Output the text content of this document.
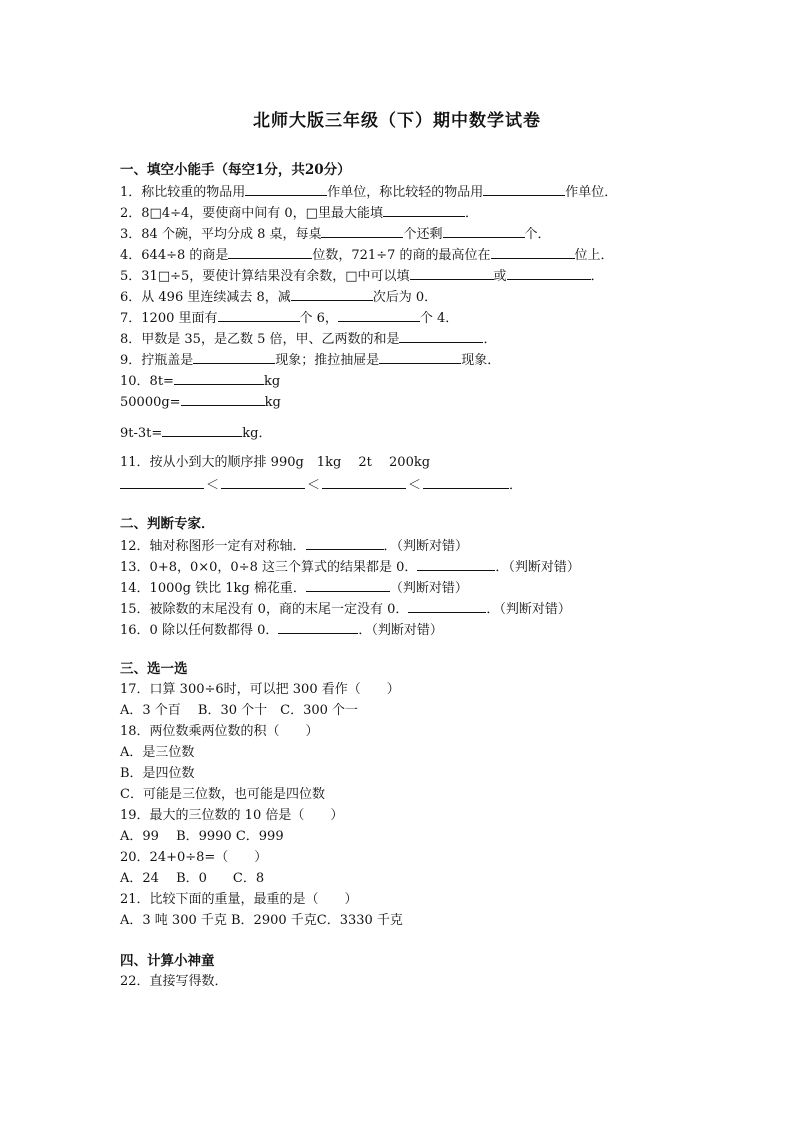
北师大版三年级（下）期中数学试卷
一、填空小能手（每空1分，共20分）
1．称比较重的物品用	作单位，称比较轻的物品用	作单位．
2．8□4÷4，要使商中间有 0，□里最大能填	．
3．84 个碗，平均分成 8 桌，每桌	个还剩	个．
4．644÷8 的商是	位数，721÷7 的商的最高位在	位上．
5．31□÷5，要使计算结果没有余数，□中可以填	或	．
6．从 496 里连续减去 8，减	次后为 0．
7．1200 里面有	个 6，	个 4．
8．甲数是 35，是乙数 5 倍，甲、乙两数的和是	．
9．拧瓶盖是	现象；推拉抽屉是	现象．
10．8t=	kg
50000g=	kg
9t-3t=	kg．
11．按从小到大的顺序排 990g　1kg　 2t　 200kg
＜	＜	＜	．
二、判断专家．
12．轴对称图形一定有对称轴．	．（判断对错）
13．0+8，0×0，0÷8 这三个算式的结果都是 0．	．（判断对错）
14．1000g 铁比 1kg 棉花重．	（判断对错）
15．被除数的末尾没有 0，商的末尾一定没有 0．	．（判断对错）
16．0 除以任何数都得 0．	．（判断对错）
三、选一选
17．口算 300÷6时，可以把 300 看作（　　）
A．3 个百　 B．30 个十　C．300 个一
18．两位数乘两位数的积（　　）
A．是三位数
B．是四位数
C．可能是三位数，也可能是四位数
19．最大的三位数的 10 倍是（　　）
A．99　 B．9990 C．999
20．24+0÷8=（　　）
A．24　 B．0　　C．8
21．比较下面的重量，最重的是（　　）
A．3 吨 300 千克 B．2900 千克C．3330 千克
四、计算小神童
22．直接写得数．
